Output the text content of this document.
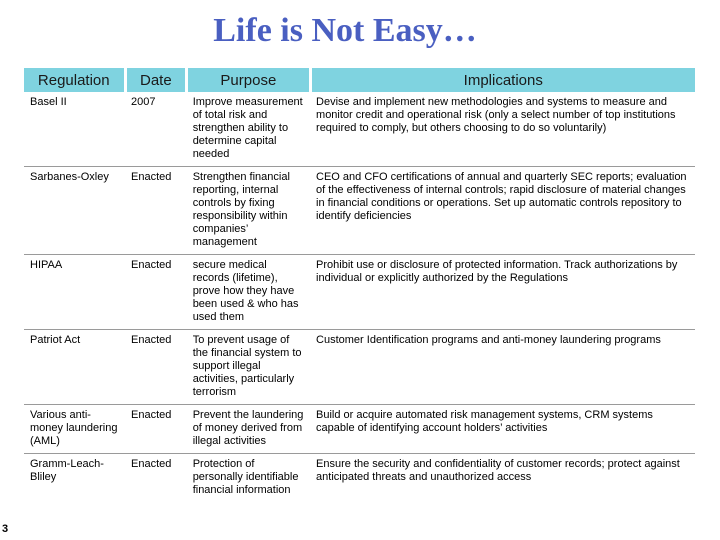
Life is Not Easy…
Regulation	Date	Purpose	Implications
Basel II	2007	Improve measurement of total risk and strengthen ability to determine capital needed	Devise and implement new methodologies and systems to measure and monitor credit and operational risk (only a select number of top institutions required to comply, but others choosing to do so voluntarily)
Sarbanes-Oxley	Enacted	Strengthen financial reporting, internal controls by fixing responsibility within companies’ management	CEO and CFO certifications of annual and quarterly SEC reports; evaluation of the effectiveness of internal controls; rapid disclosure of material changes in financial conditions or operations. Set up automatic controls repository to identify deficiencies
HIPAA	Enacted	secure medical records (lifetime), prove how they have been used & who has used them	Prohibit use or disclosure of protected information. Track authorizations by individual or explicitly authorized by the Regulations
Patriot Act	Enacted	To prevent usage of the financial system to support illegal activities, particularly terrorism	Customer Identification programs and anti-money laundering programs
Various anti-money laundering (AML)	Enacted	Prevent the laundering of money derived from illegal activities	Build or acquire automated risk management systems, CRM systems capable of identifying account holders’ activities
Gramm-Leach-Bliley	Enacted	Protection of personally identifiable financial information	Ensure the security and confidentiality of customer records; protect against anticipated threats and unauthorized access
3
